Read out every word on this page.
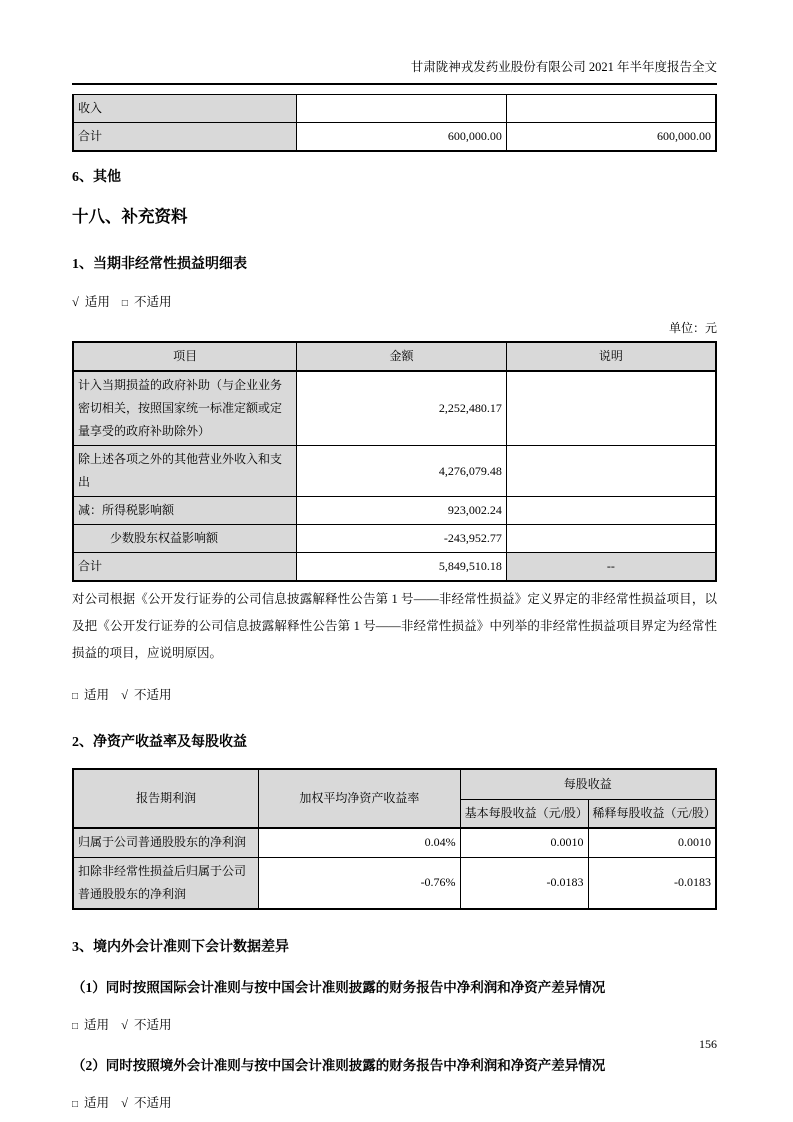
甘肃陇神戎发药业股份有限公司 2021 年半年度报告全文
收入		
合计	600,000.00	600,000.00
6、其他
十八、补充资料
1、当期非经常性损益明细表
√ 适用 □ 不适用
单位：元
项目	金额	说明
计入当期损益的政府补助（与企业业务密切相关，按照国家统一标准定额或定量享受的政府补助除外）	2,252,480.17	
除上述各项之外的其他营业外收入和支出	4,276,079.48	
减：所得税影响额	923,002.24	
少数股东权益影响额	-243,952.77	
合计	5,849,510.18	--
对公司根据《公开发行证券的公司信息披露解释性公告第 1 号——非经常性损益》定义界定的非经常性损益项目，以及把《公开发行证券的公司信息披露解释性公告第 1 号——非经常性损益》中列举的非经常性损益项目界定为经常性损益的项目，应说明原因。
□ 适用 √ 不适用
2、净资产收益率及每股收益
报告期利润	加权平均净资产收益率	每股收益	
		基本每股收益（元/股）	稀释每股收益（元/股）
归属于公司普通股股东的净利润	0.04%	0.0010	0.0010
扣除非经常性损益后归属于公司普通股股东的净利润	-0.76%	-0.0183	-0.0183
3、境内外会计准则下会计数据差异
（1）同时按照国际会计准则与按中国会计准则披露的财务报告中净利润和净资产差异情况
□ 适用 √ 不适用
（2）同时按照境外会计准则与按中国会计准则披露的财务报告中净利润和净资产差异情况
□ 适用 √ 不适用
156
